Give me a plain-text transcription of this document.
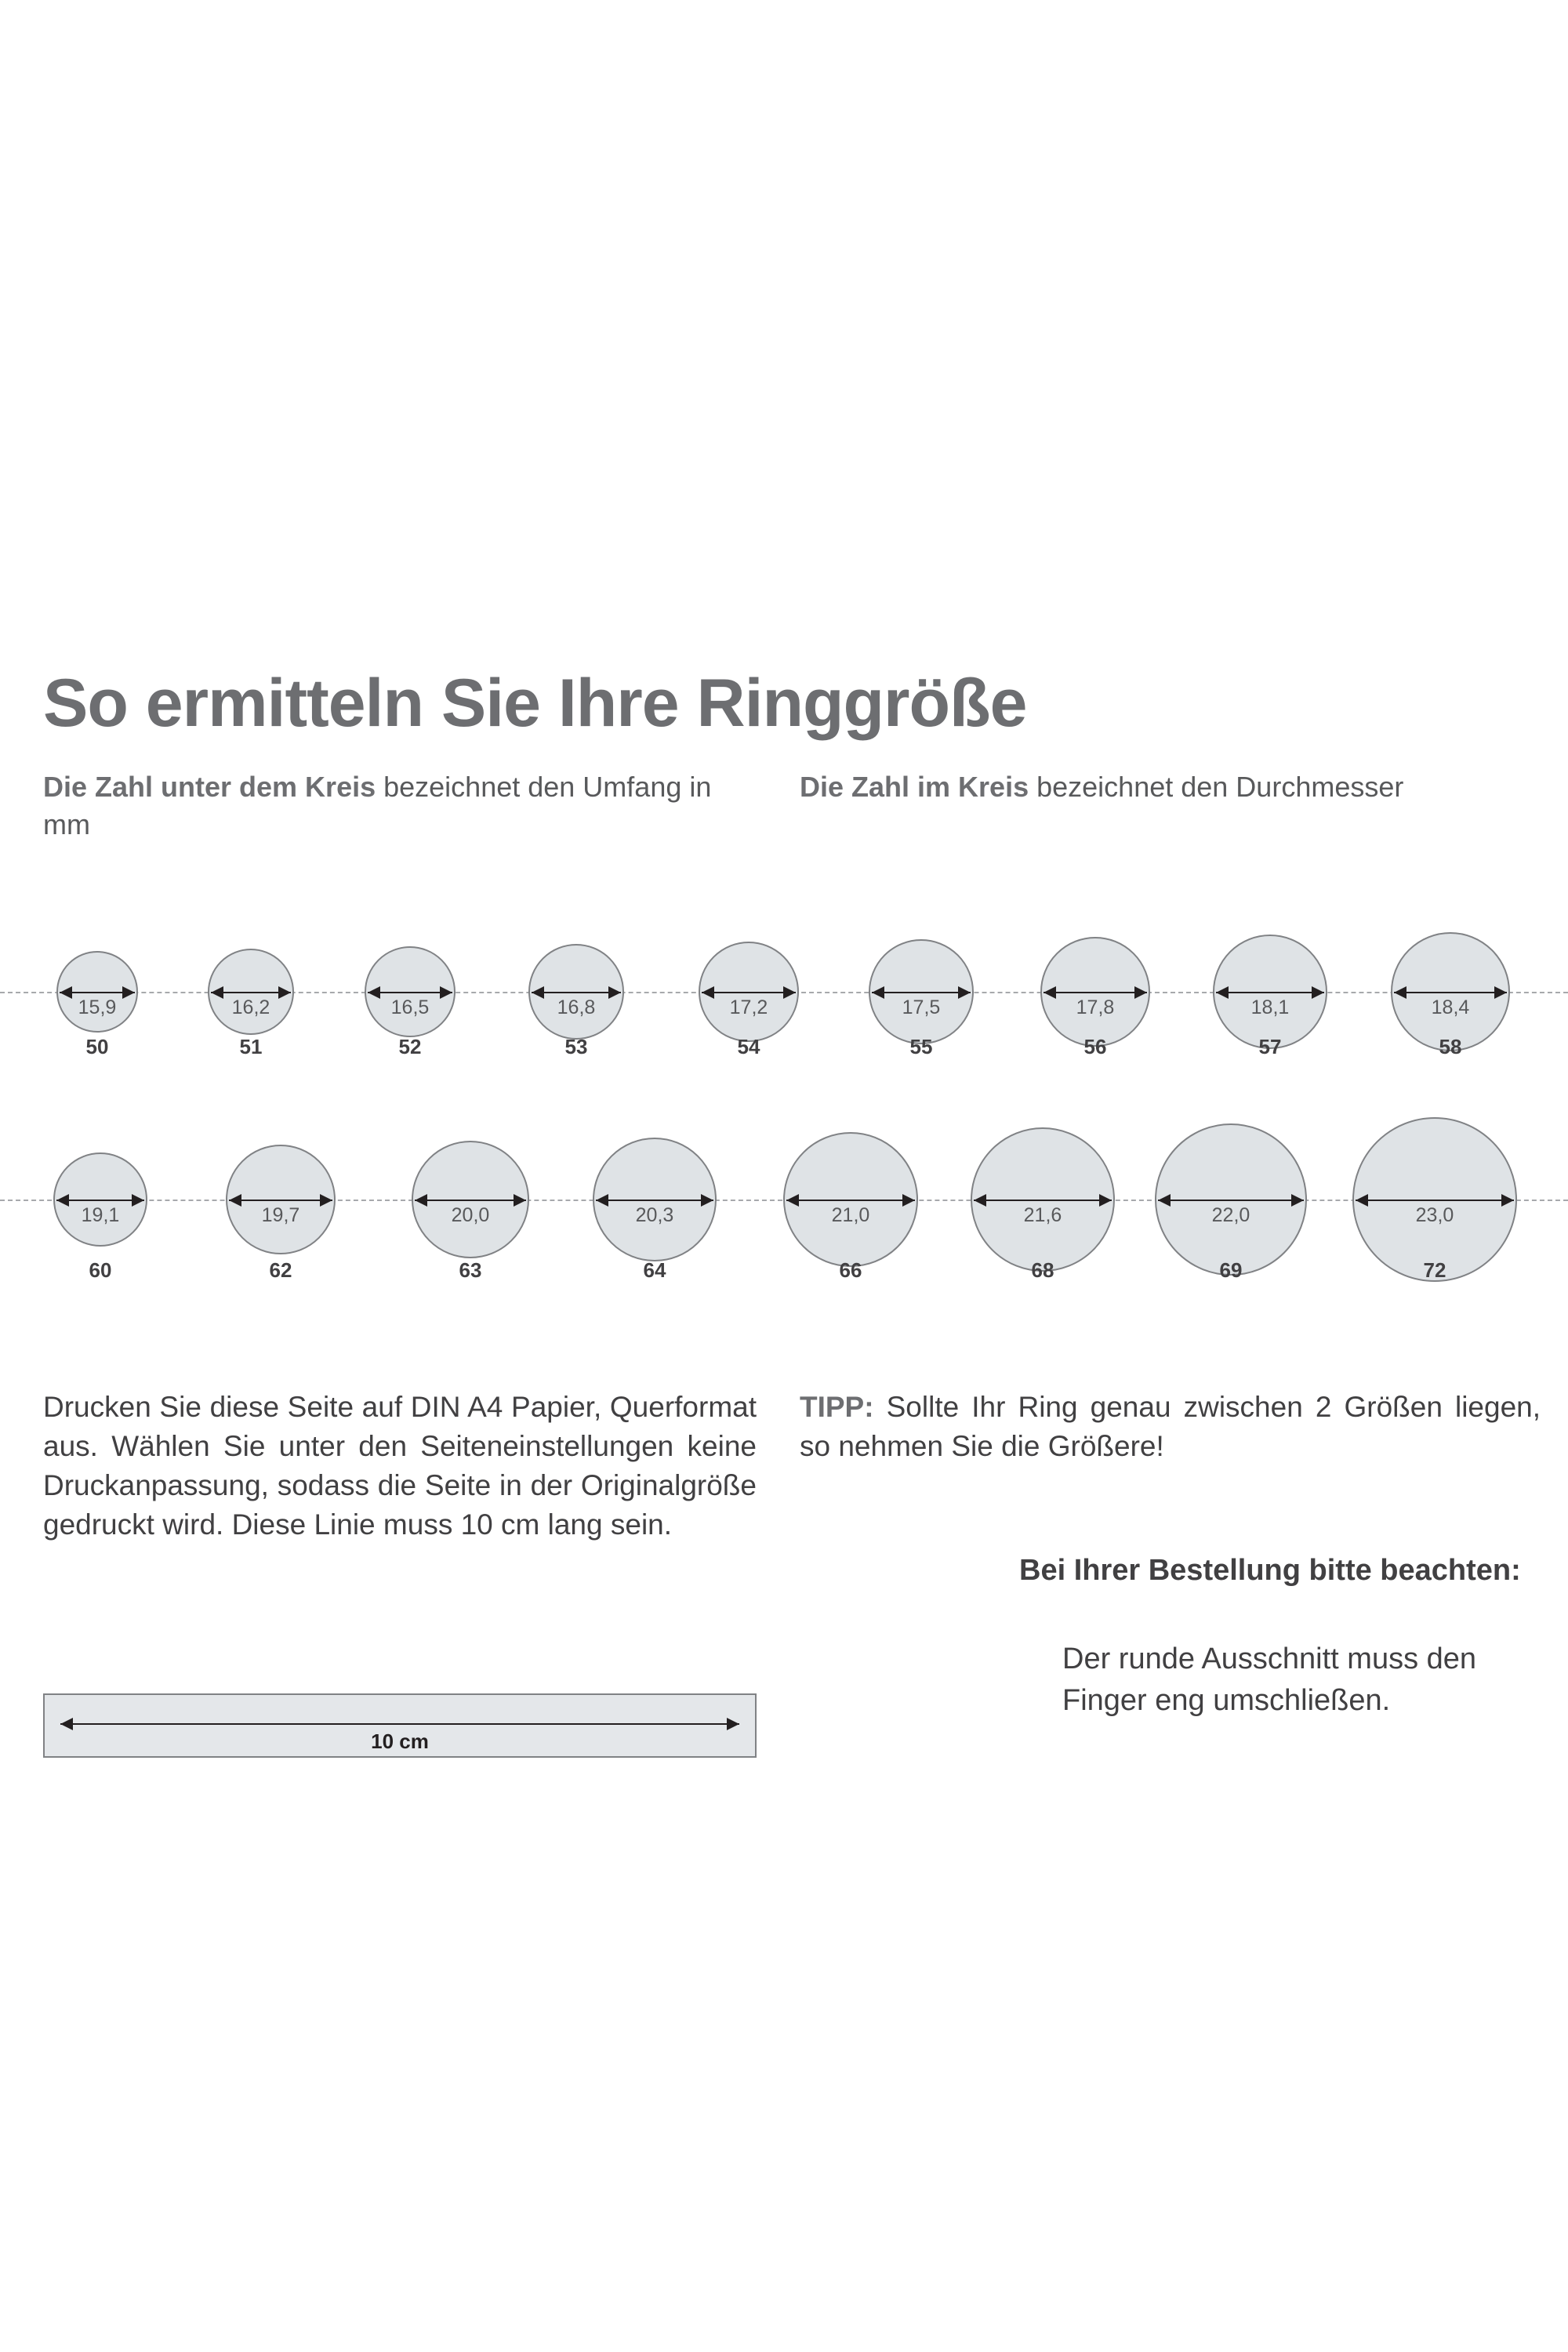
So ermitteln Sie Ihre Ringgröße
Die Zahl unter dem Kreis bezeichnet den Umfang in mm
Die Zahl im Kreis bezeichnet den Durchmesser
15,9
50
16,2
51
16,5
52
16,8
53
17,2
54
17,5
55
17,8
56
18,1
57
18,4
58
19,1
60
19,7
62
20,0
63
20,3
64
21,0
66
21,6
68
22,0
69
23,0
72
Drucken Sie diese Seite auf DIN A4 Papier, Querformat aus. Wählen Sie unter den Seiteneinstellungen keine Druckanpassung, sodass die Seite in der Originalgröße gedruckt wird. Diese Linie muss 10 cm lang sein.
TIPP: Sollte Ihr Ring genau zwischen 2 Größen liegen, so nehmen Sie die Größere!
Bei Ihrer Bestellung bitte beachten:
Der runde Ausschnitt muss den Finger eng umschließen.
10 cm
